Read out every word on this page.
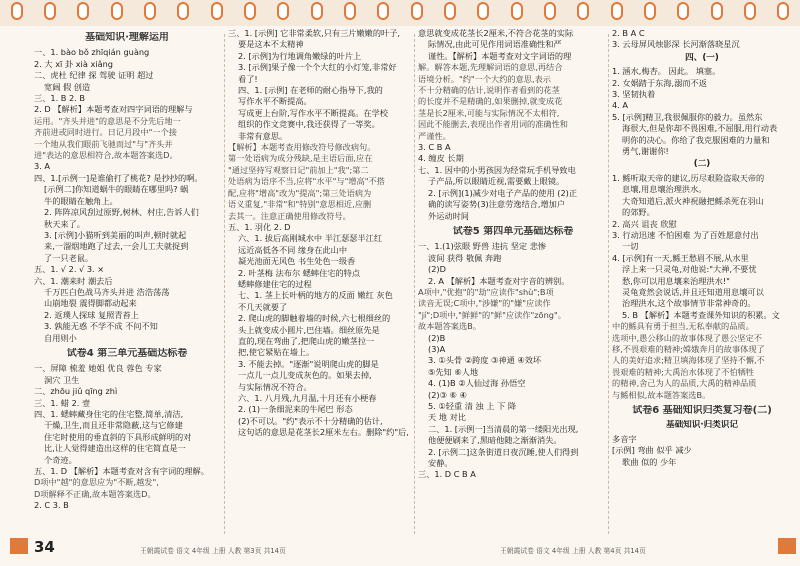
基础知识·理解运用
一、1. bào bǒ zhīqián guàng
2. 大 xī 卦 xià xiǎng
二、虎杜 纪律 探 驾驶 证明 超过
宽阔 假 创造
三、1. B 2. B
2. D 【解析】本题考查对四字词语的理解与
运用。"齐头并进"的意思是不分先后地一
齐前进或同时进行。日记月段中"一个接
一个地从我们眼前飞驰而过"与"齐头并
进"表达的意思相符合,故本题答案选D。
3. A
四、1.[示例一]是谁偷打了桃花? 是抄抄的啊。
[示例二]你知道蜗牛的眼睛在哪里吗? 蜗
牛的眼睛在触角上。
2. 阵阵凉风刮过原野,树林、村庄,告诉人们
秋天来了。
3. [示例]小猫听到美丽的叫声,顿时就起
来,一溜烟地跑了过去,一会儿工夫就捉到
了一只老鼠。
五、1. √ 2. √ 3. ×
六、1. 潮来时 潮去后
千万匹白色战马齐头并进 浩浩荡荡
山崩地裂 震得脚都动起来
2. 返璞人探球 复照青苔上
3. 孰能无惑 不学不成 不问不知
自用则小
试卷4 第三单元基础达标卷
一、屏障 梳羞 她姐 优良 蓉色 专家
洞穴 卫生
二、zhōu jiǔ qīng zhì
三、1. 蜡 2. 壹
四、1. 蟋蟀藏身住宅的住宅整,简单,清洁,
干燥,卫生,而且还非常隐蔽,这与它修建
住宅时使用的垂直斜的下具形成鲜明的对
比,让人觉得建造出这样的住宅简直是一
个奇迹。
五、1. D 【解析】本题考查对含有字词的理解。
D项中"越"的意思应为"不断,越发",
D项解释不正确,故本题答案选D。
2. C 3. B
三、1. [示例] 它非常柔软,只有三片嫩嫩的叶子,
要是这本不太精神
2. [示例]为行地调角嫩绿的叶片上
3. [示例]果子像一个个大红的小灯笼,非常好
看了!
四、1. [示例] 在老师的耐心指导下,我的
写作水平不断提高。
写成更上台阶,写作水平不断提高。在学校
组织的作文竞赛中,我还获得了一等奖。
非常有意思。
【解析】本题考查用修改符号修改病句。
第一处语病为成分残缺,是主语后面,应在
"通过坚持写观察日记"前加上"我";第二
处语病为语序不当,应将"水平"与"增高"不搭
配,应将"增高"改为"提高";第三处语病为
语义重复,"非常"和"特别"意思相近,应删
去其一。注意正确使用修改符号。
五、1. 羽化 2. D
六、1. 拔后高刚城水中 半江瑟瑟半江红
远近高低各不同 缘身在此山中
凝光池面无风色 书生处色一级香
2. 叶茎梅 法布尔 蟋蟀住宅的特点
蟋蟀修建住宅的过程
七、1. 茎上长叶柄的地方的反面 嫩红 灰色
不几天就要了
2. 爬山虎的脚触着墙的时候,六七根细丝的
头上就变成小圆片,巴住墙。细丝原先是
直的,现在弯曲了,把爬山虎的嫩茎拉一
把,使它紧贴在墙上。
3. 不能去掉。"逐渐"说明爬山虎的脚是
一点儿一点儿变成灰色的。如果去掉,
与实际情况不符合。
六、1. 八月残,九月温,十月还有小梗春
2. (1)一条细泥来的牛尾巴 形态
(2)不可以。"约"表示不十分精确的估计,
这句话的意思是花茎长2厘米左右。删除"约"后,
意思就变成花茎长2厘米,不符合花茎的实际
际情况,由此可见作用词语准确性和严
谨性。【解析】本题考查对文字词语的理
解。解答本题,先理解词语的意思,再结合
语境分析。"约"一个大约的意思,表示
不十分精确的估计,说明作者看到的花茎
的长度并不是精确的,如果删掉,就变成花
茎是长2厘米,可能与实际情况不太相符,
因此不能删去,表现出作者用词的准确性和
严谨性。
3. C B A
4. 缠皮 长期
七、1. 因中的小男孩因为经常玩手机导致电
子产品,所以眼睛近视,需要戴上眼镜。
2. [示例](1)减少对电子产品的使用 (2)正
确的读写姿势(3)注意劳逸结合,增加户
外运动时间
试卷5 第四单元基础达标卷
一、1.(1)弦眼 野兽 违抗 坚定 悲惨
波间 获得 敬佩 奔跑
(2)D
2. A 【解析】本题考查对字音的辨别。
A项中,"优抱"的"劫"应读作"shù";B项
读音无误;C项中,"涉嫌"的"嫌"应读作
"jí";D项中,"鲜鲜"的"鲜"应读作"zōng"。
故本题答案选B。
(2)B
(3)A
3. ①头骨 ②跨度 ③神通 ④效坏
⑤先知 ⑥人地
4. (1)B ②人仙过海 孙悟空
(2)③ ⑥ ④
5. ①轻重 清 浊 上 下 降
天 地 对比
二、1. [示例一]当清晨的第一缕阳光出现,
他便便刷来了,黑暗他随之渐渐消失。
2. [示例二]这条街道日夜沉睡,使人们得到
安静。
三、1. D C B A
2. B A C
3. 云母屏风烛影深 长河渐落晓星沉
四、(一)
1. 涵水,梅杏。 因此。 填塞。
2. 女娲踏于东海,溺而不返
3. 坚韧执着
4. A
5. [示例]精卫,我很佩服你的毅力。虽然东
海很大,但是你却不畏困难,不屈服,用行动表
明你的决心。你给了我克服困难的力量和
勇气,谢谢你!
(二)
1. 鲧听取天帝的建议,历尽艰险盗取天帝的
息壤,用息壤治理洪水。
大奇知道后,派火神祝融把鲧杀死在羽山
的郊野。
2. 高兴 诅丧 欣慰
3. 行动迅速 不怕困难 为了百姓愿意付出
一切
4. [示例]有一天,鲧王愁眉不展,从水里
浮上来一只灵龟,对他说:"大禅,不要忧
愁,你可以用息壤来治理洪水!"
灵龟竟然会说话,并且还知道用息壤可以
治理洪水,这个故事情节非常神奇的。
5. B 【解析】本题考查课外知识的积累。文
中的鲧具有勇于担当,无私奉献的品质。
选项中,愚公移山的故事体现了愚公坚定不
移,不畏艰难的精神;嫦娥奔月的故事体现了
人的美好追求;精卫填海体现了坚持不懈,不
畏艰难的精神;大禹治水体现了不怕牺牲
的精神,舍己为人的品质,大禹的精神品质
与鲧相似,故本题答案选B。
试卷6 基础知识归类复习卷(二)
基础知识·归类识记
多音字
[示例] 弯曲 似乎 减少
歌曲 似的 少年
34	王朝霞试卷 语文 4年级 上册 人教 第3页 共14页	王朝霞试卷 语文 4年级 上册 人教 第4页 共14页
